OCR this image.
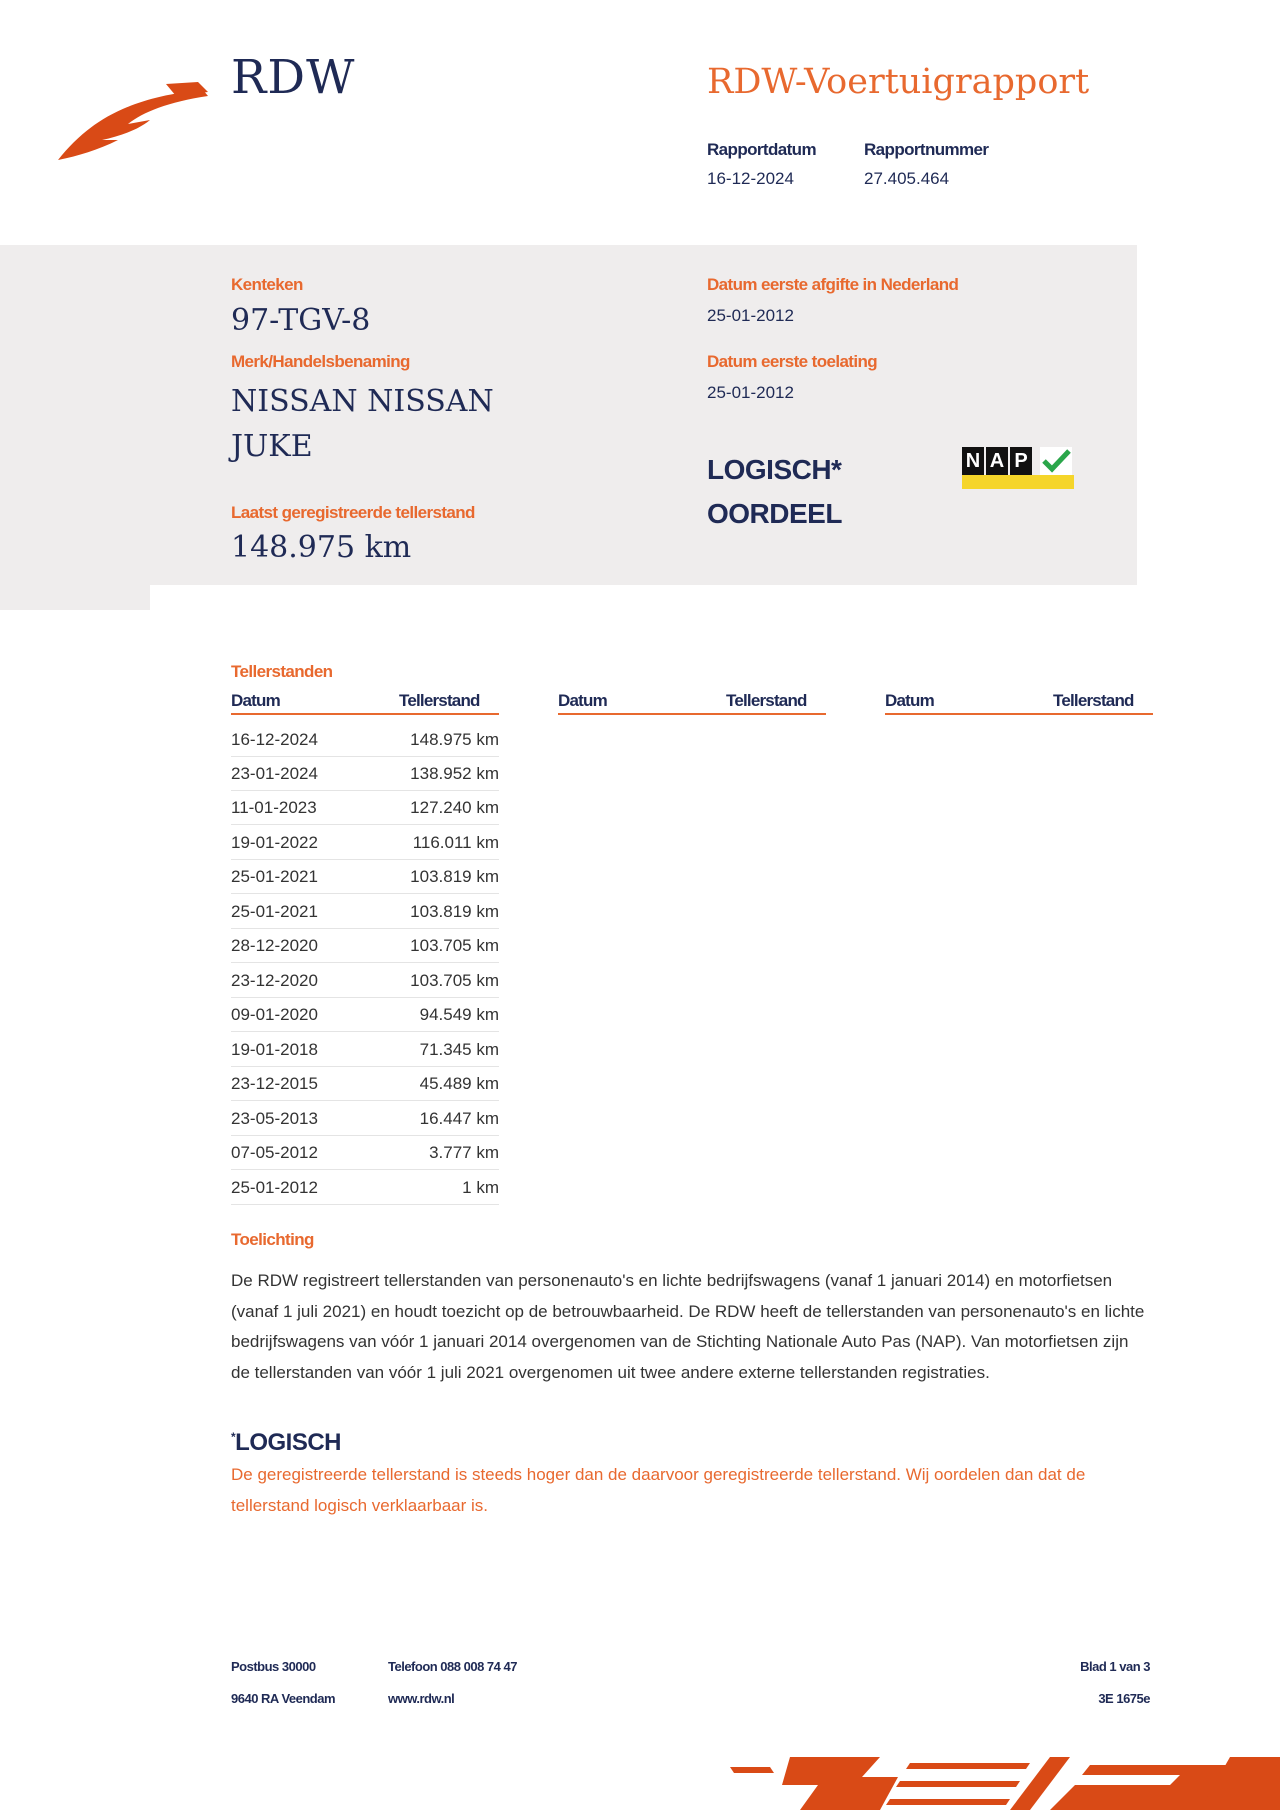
RDW	RDW-Voertuigrapport
Rapportdatum
16-12-2024
Rapportnummer
27.405.464
Kenteken
97-TGV-8
Merk/Handelsbenaming
NISSAN NISSAN
JUKE
Laatst geregistreerde tellerstand
148.975 km
Datum eerste afgifte in Nederland
25-01-2012
Datum eerste toelating
25-01-2012
LOGISCH*
OORDEEL
N A P
Tellerstanden
Datum	Tellerstand	Datum	Tellerstand	Datum	Tellerstand
16-12-2024	148.975 km
23-01-2024	138.952 km
11-01-2023	127.240 km
19-01-2022	116.011 km
25-01-2021	103.819 km
25-01-2021	103.819 km
28-12-2020	103.705 km
23-12-2020	103.705 km
09-01-2020	94.549 km
19-01-2018	71.345 km
23-12-2015	45.489 km
23-05-2013	16.447 km
07-05-2012	3.777 km
25-01-2012	1 km
Toelichting
De RDW registreert tellerstanden van personenauto's en lichte bedrijfswagens (vanaf 1 januari 2014) en motorfietsen (vanaf 1 juli 2021) en houdt toezicht op de betrouwbaarheid. De RDW heeft de tellerstanden van personenauto's en lichte bedrijfswagens van vóór 1 januari 2014 overgenomen van de Stichting Nationale Auto Pas (NAP). Van motorfietsen zijn de tellerstanden van vóór 1 juli 2021 overgenomen uit twee andere externe tellerstanden registraties.
*LOGISCH
De geregistreerde tellerstand is steeds hoger dan de daarvoor geregistreerde tellerstand. Wij oordelen dan dat de tellerstand logisch verklaarbaar is.
Postbus 30000
9640 RA Veendam
Telefoon 088 008 74 47
www.rdw.nl
Blad 1 van 3
3E 1675e
